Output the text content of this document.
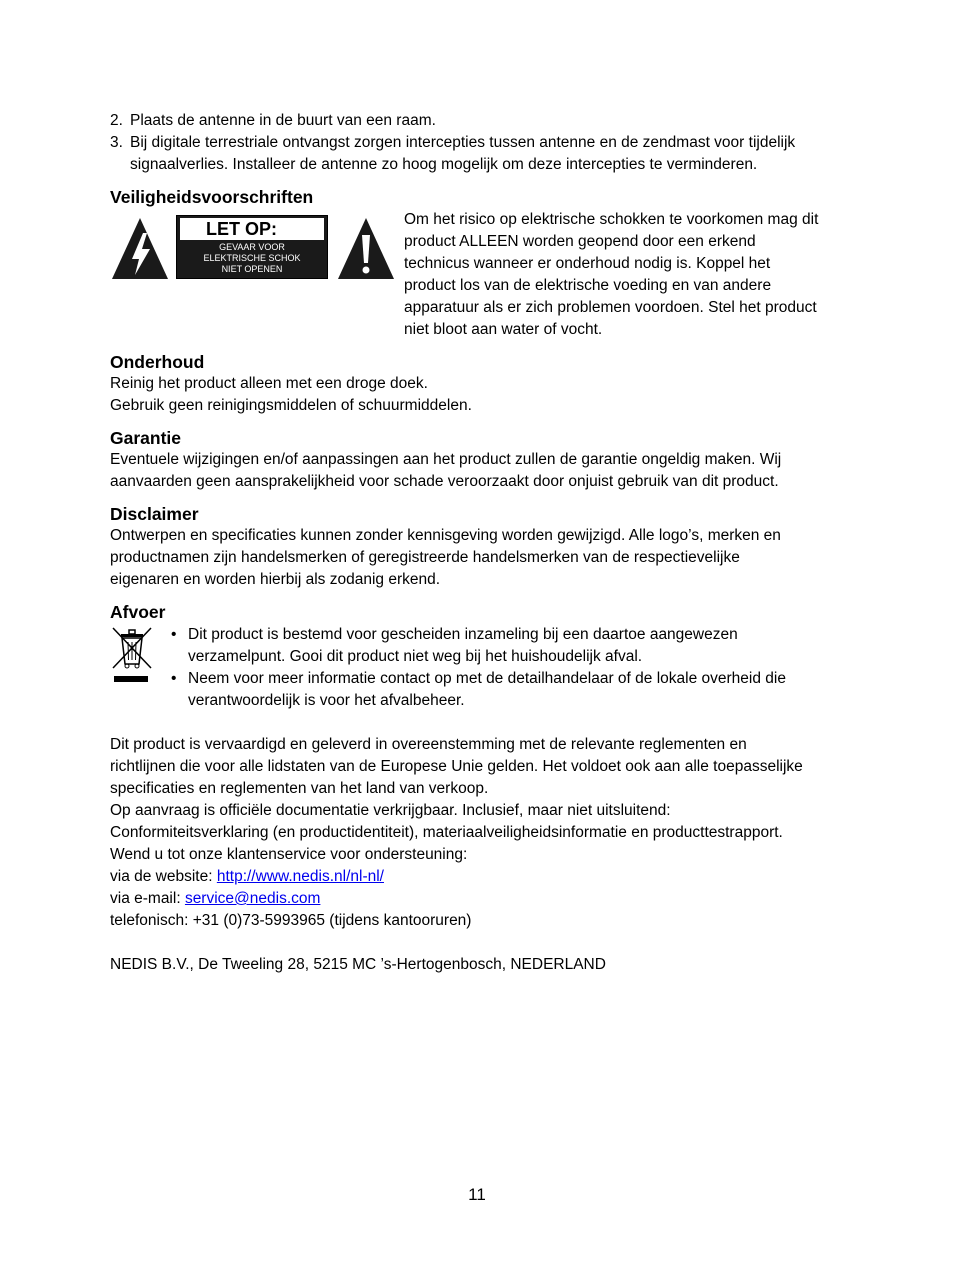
2. Plaats de antenne in de buurt van een raam.
3. Bij digitale terrestriale ontvangst zorgen intercepties tussen antenne en de zendmast voor tijdelijk
signaalverlies. Installeer de antenne zo hoog mogelijk om deze intercepties te verminderen.
Veiligheidsvoorschriften
LET OP:
GEVAAR VOOR
ELEKTRISCHE SCHOK
NIET OPENEN
Om het risico op elektrische schokken te voorkomen mag dit
product ALLEEN worden geopend door een erkend
technicus wanneer er onderhoud nodig is. Koppel het
product los van de elektrische voeding en van andere
apparatuur als er zich problemen voordoen. Stel het product
niet bloot aan water of vocht.
Onderhoud

Reinig het product alleen met een droge doek.
Gebruik geen reinigingsmiddelen of schuurmiddelen.

Garantie

Eventuele wijzigingen en/of aanpassingen aan het product zullen de garantie ongeldig maken. Wij
aanvaarden geen aansprakelijkheid voor schade veroorzaakt door onjuist gebruik van dit product.

Disclaimer

Ontwerpen en specificaties kunnen zonder kennisgeving worden gewijzigd. Alle logo’s, merken en
productnamen zijn handelsmerken of geregistreerde handelsmerken van de respectievelijke
eigenaren en worden hierbij als zodanig erkend.

Afvoer
• Dit product is bestemd voor gescheiden inzameling bij een daartoe aangewezen
verzamelpunt. Gooi dit product niet weg bij het huishoudelijk afval.
• Neem voor meer informatie contact op met de detailhandelaar of de lokale overheid die
verantwoordelijk is voor het afvalbeheer.

Dit product is vervaardigd en geleverd in overeenstemming met de relevante reglementen en
richtlijnen die voor alle lidstaten van de Europese Unie gelden. Het voldoet ook aan alle toepasselijke
specificaties en reglementen van het land van verkoop.
Op aanvraag is officiële documentatie verkrijgbaar. Inclusief, maar niet uitsluitend:
Conformiteitsverklaring (en productidentiteit), materiaalveiligheidsinformatie en producttestrapport.
Wend u tot onze klantenservice voor ondersteuning:

via de website: http://www.nedis.nl/nl-nl/

via e-mail: service@nedis.com

telefonisch: +31 (0)73-5993965 (tijdens kantooruren)

NEDIS B.V., De Tweeling 28, 5215 MC ’s-Hertogenbosch, NEDERLAND

11
